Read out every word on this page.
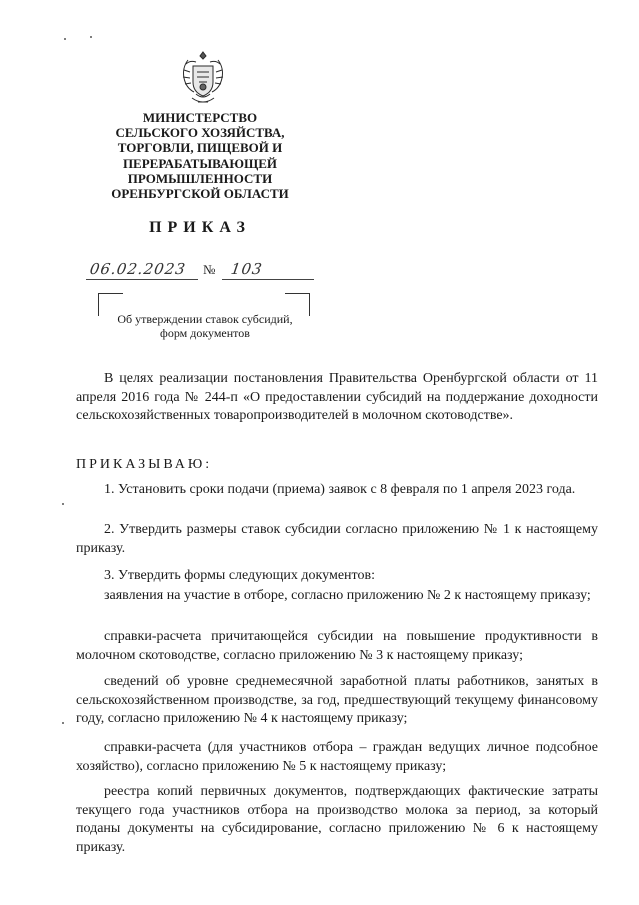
МИНИСТЕРСТВО
СЕЛЬСКОГО ХОЗЯЙСТВА,
ТОРГОВЛИ, ПИЩЕВОЙ И
ПЕРЕРАБАТЫВАЮЩЕЙ
ПРОМЫШЛЕННОСТИ
ОРЕНБУРГСКОЙ ОБЛАСТИ
ПРИКАЗ
06.02.2023 № 103
Об утверждении ставок субсидий,
форм документов
В целях реализации постановления Правительства Оренбургской области от 11 апреля 2016 года № 244-п «О предоставлении субсидий на поддержание доходности сельскохозяйственных товаропроизводителей в молочном скотоводстве».
ПРИКАЗЫВАЮ:
1. Установить сроки подачи (приема) заявок с 8 февраля по 1 апреля 2023 года.
2. Утвердить размеры ставок субсидии согласно приложению № 1 к настоящему приказу.
3. Утвердить формы следующих документов:
заявления на участие в отборе, согласно приложению № 2 к настоящему приказу;
справки-расчета причитающейся субсидии на повышение продуктивности в молочном скотоводстве, согласно приложению № 3 к настоящему приказу;
сведений об уровне среднемесячной заработной платы работников, занятых в сельскохозяйственном производстве, за год, предшествующий текущему финансовому году, согласно приложению № 4 к настоящему приказу;
справки-расчета (для участников отбора – граждан ведущих личное подсобное хозяйство), согласно приложению № 5 к настоящему приказу;
реестра копий первичных документов, подтверждающих фактические затраты текущего года участников отбора на производство молока за период, за который поданы документы на субсидирование, согласно приложению № 6 к настоящему приказу.
